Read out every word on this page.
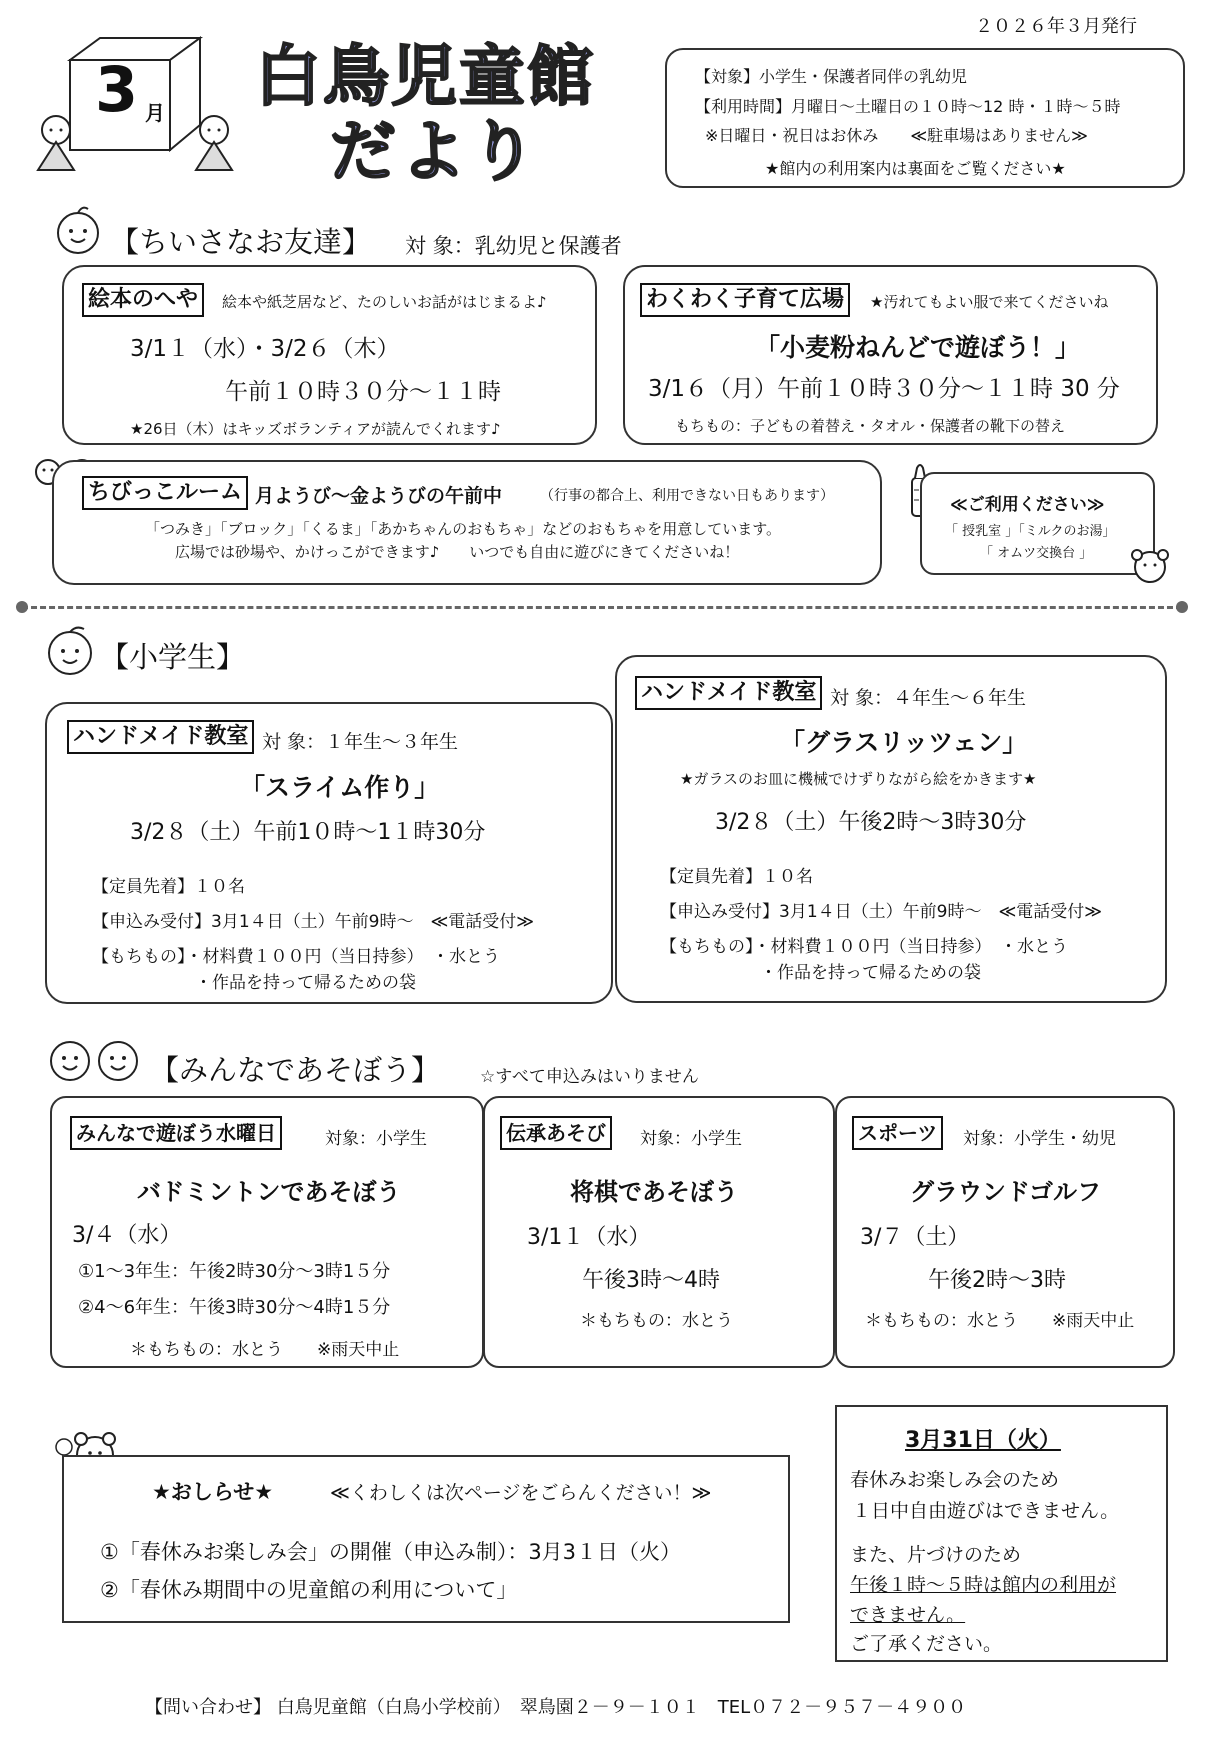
２０２６年３月発行
3 月 白鳥児童館
だより
【対象】小学生・保護者同伴の乳幼児
【利用時間】月曜日～土曜日の１０時～12 時・１時～５時
※日曜日・祝日はお休み　　≪駐車場はありません≫
★館内の利用案内は裏面をご覧ください★
【ちいさなお友達】 対 象：乳幼児と保護者
絵本のへや	絵本や紙芝居など、たのしいお話がはじまるよ♪
3/1１（水）・3/2６（木）
午前１０時３０分～１１時
★26日（木）はキッズボランティアが読んでくれます♪
わくわく子育て広場	★汚れてもよい服で来てくださいね
「小麦粉ねんどで遊ぼう！」
3/1６（月）午前１０時３０分～１１時 30 分
もちもの：子どもの着替え・タオル・保護者の靴下の替え
ちびっこルーム 月ようび～金ようびの午前中	（行事の都合上、利用できない日もあります）
「つみき」「ブロック」「くるま」「あかちゃんのおもちゃ」などのおもちゃを用意しています。
広場では砂場や、かけっこができます♪　　いつでも自由に遊びにきてくださいね！
≪ご利用ください≫
「 授乳室 」「ミルクのお湯」
「 オムツ交換台 」
【小学生】
ハンドメイド教室 対 象：１年生～３年生
「スライム作り」
3/2８（土）午前1０時～1１時30分
【定員先着】１０名
【申込み受付】3月1４日（土）午前9時～　≪電話受付≫
【もちもの】・材料費１００円（当日持参）　・水とう
・作品を持って帰るための袋
ハンドメイド教室 対 象：４年生～６年生
「グラスリッツェン」
★ガラスのお皿に機械でけずりながら絵をかきます★
3/2８（土）午後2時～3時30分
【定員先着】１０名
【申込み受付】3月1４日（土）午前9時～　≪電話受付≫
【もちもの】・材料費１００円（当日持参）　・水とう
・作品を持って帰るための袋
【みんなであそぼう】 ☆すべて申込みはいりません
みんなで遊ぼう水曜日	対象：小学生
バドミントンであそぼう
3/４（水）
①1～3年生：午後2時30分～3時1５分
②4～6年生：午後3時30分～4時1５分
＊もちもの：水とう　　※雨天中止
伝承あそび	対象：小学生
将棋であそぼう
3/1１（水）
午後3時～4時
＊もちもの：水とう
スポーツ	対象：小学生・幼児
グラウンドゴルフ
3/７（土）
午後2時～3時
＊もちもの：水とう　　※雨天中止
★おしらせ★	≪くわしくは次ページをごらんください！≫
①「春休みお楽しみ会」の開催（申込み制）：3月3１日（火）
②「春休み期間中の児童館の利用について」
3月31日（火）
春休みお楽しみ会のため
１日中自由遊びはできません。
また、片づけのため
午後１時～５時は館内の利用が
できません。
ご了承ください。
【問い合わせ】 白鳥児童館（白鳥小学校前）　翠鳥園２－９－１０１　TEL０７２－９５７－４９００
